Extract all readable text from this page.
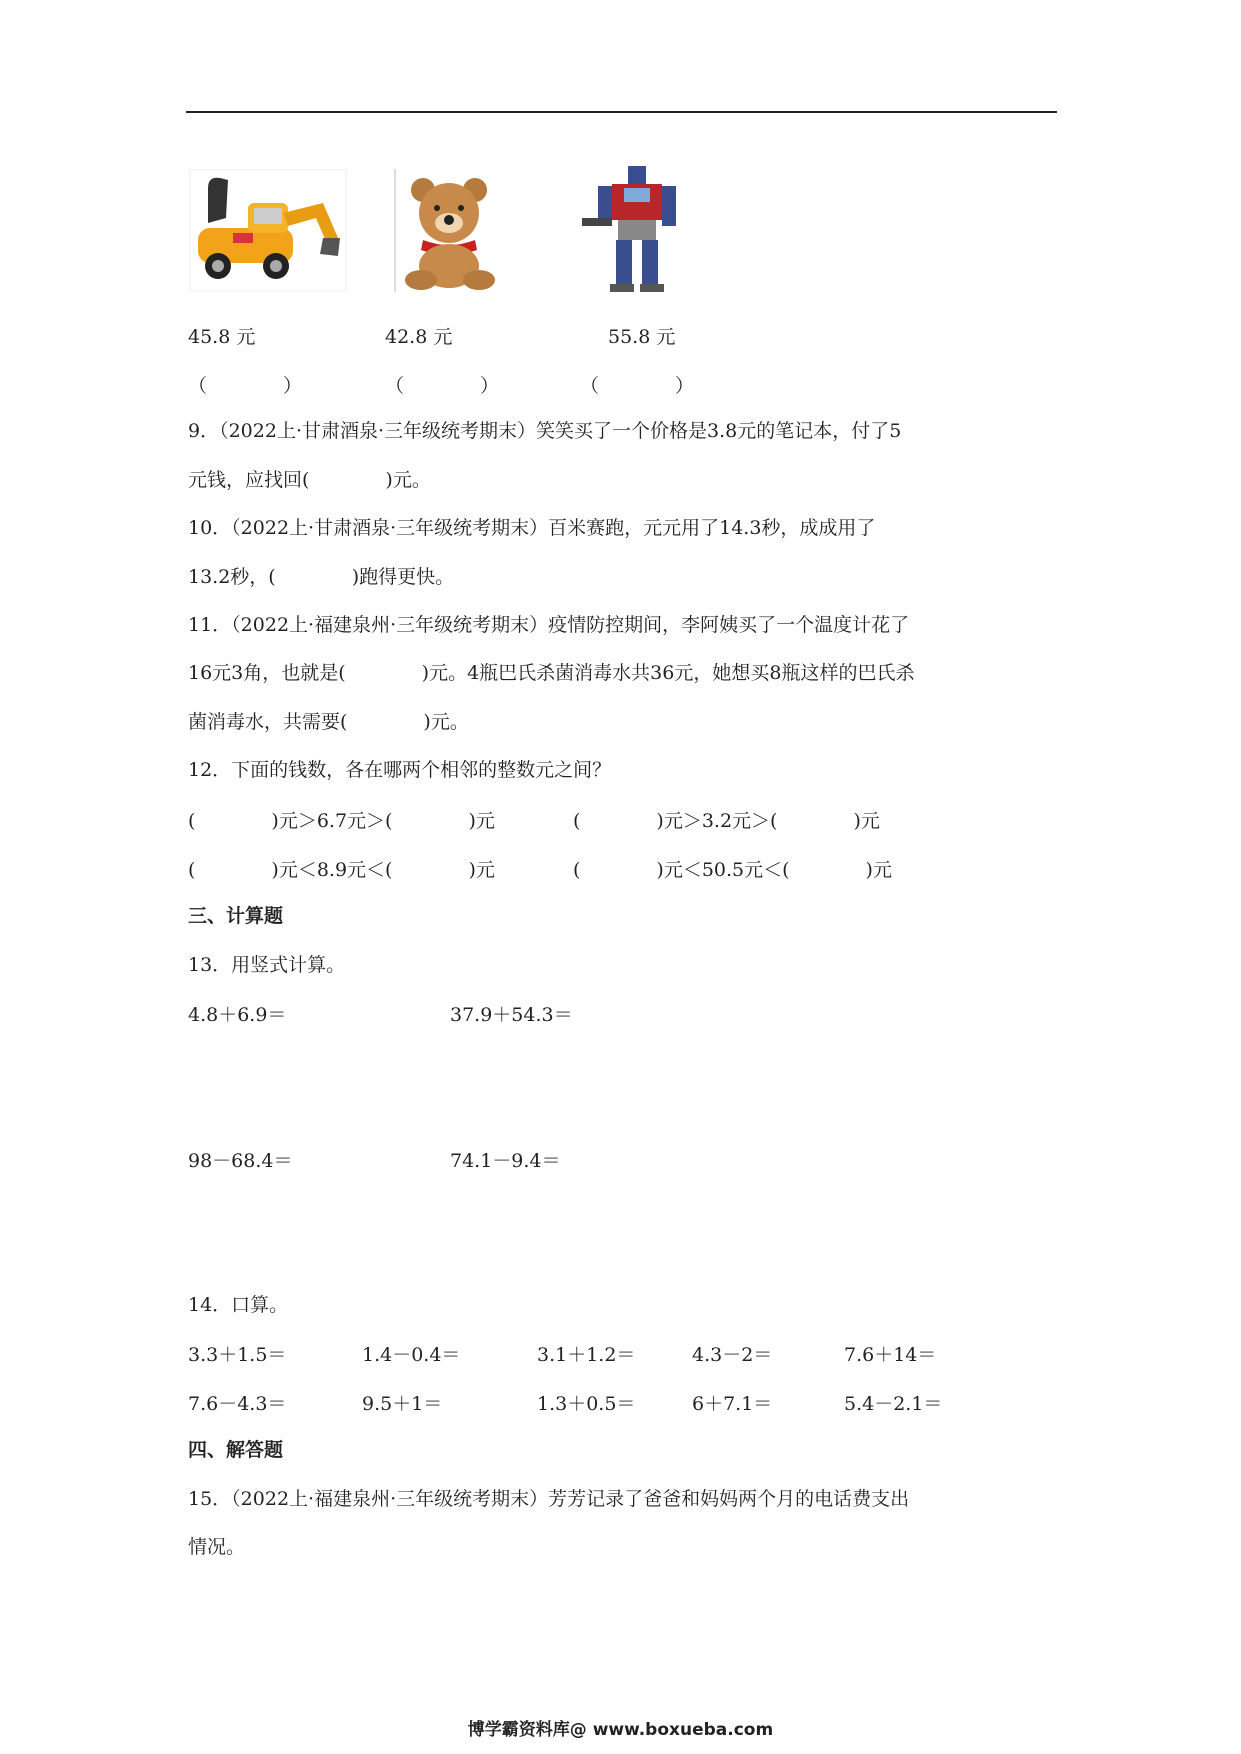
45.8 元	42.8 元	55.8 元
（　　　　）	（　　　　）	（　　　　）
9．（2022上·甘肃酒泉·三年级统考期末）笑笑买了一个价格是3.8元的笔记本，付了5
元钱，应找回(　　　　)元。
10．（2022上·甘肃酒泉·三年级统考期末）百米赛跑，元元用了14.3秒，成成用了
13.2秒，(　　　　)跑得更快。
11．（2022上·福建泉州·三年级统考期末）疫情防控期间，李阿姨买了一个温度计花了
16元3角，也就是(　　　　)元。4瓶巴氏杀菌消毒水共36元，她想买8瓶这样的巴氏杀
菌消毒水，共需要(　　　　)元。
12．下面的钱数，各在哪两个相邻的整数元之间？
(　　　　)元＞6.7元＞(　　　　)元	(　　　　)元＞3.2元＞(　　　　)元
(　　　　)元＜8.9元＜(　　　　)元	(　　　　)元＜50.5元＜(　　　　)元
三、计算题
13．用竖式计算。
4.8＋6.9＝	37.9＋54.3＝
98－68.4＝	74.1－9.4＝
14．口算。
3.3＋1.5＝	1.4－0.4＝	3.1＋1.2＝	4.3－2＝	7.6＋14＝
7.6－4.3＝	9.5＋1＝	1.3＋0.5＝	6＋7.1＝	5.4－2.1＝
四、解答题
15．（2022上·福建泉州·三年级统考期末）芳芳记录了爸爸和妈妈两个月的电话费支出
情况。
博学霸资料库@ www.boxueba.com
